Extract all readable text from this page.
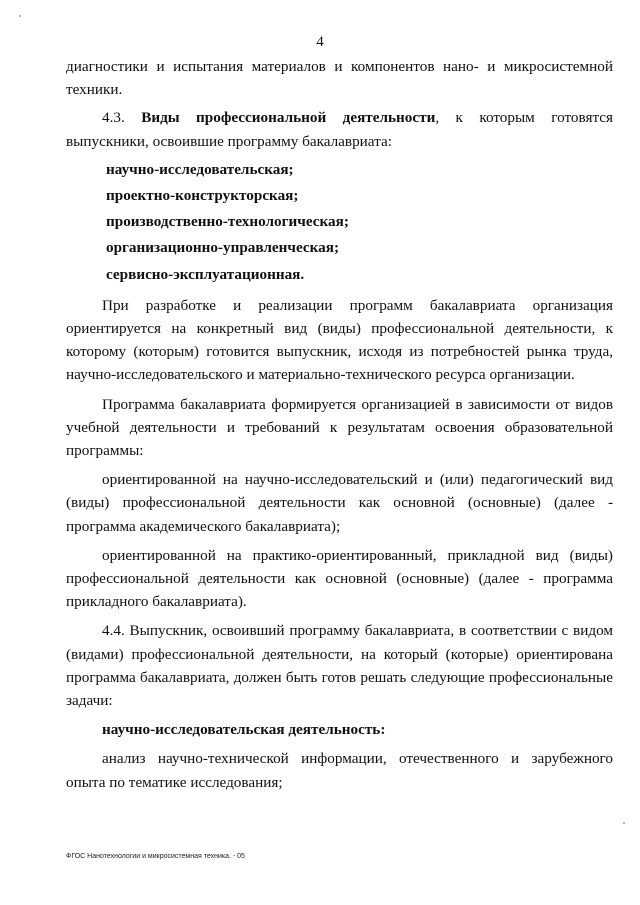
4

диагностики и испытания материалов и компонентов нано- и микросистемной техники.

4.3. Виды профессиональной деятельности, к которым готовятся выпускники, освоившие программу бакалавриата:

научно-исследовательская;

проектно-конструкторская;

производственно-технологическая;

организационно-управленческая;

сервисно-эксплуатационная.

При разработке и реализации программ бакалавриата организация ориентируется на конкретный вид (виды) профессиональной деятельности, к которому (которым) готовится выпускник, исходя из потребностей рынка труда, научно-исследовательского и материально-технического ресурса организации.

Программа бакалавриата формируется организацией в зависимости от видов учебной деятельности и требований к результатам освоения образовательной программы:

ориентированной на научно-исследовательский и (или) педагогический вид (виды) профессиональной деятельности как основной (основные) (далее - программа академического бакалавриата);

ориентированной на практико-ориентированный, прикладной вид (виды) профессиональной деятельности как основной (основные) (далее - программа прикладного бакалавриата).

4.4. Выпускник, освоивший программу бакалавриата, в соответствии с видом (видами) профессиональной деятельности, на который (которые) ориентирована программа бакалавриата, должен быть готов решать следующие профессиональные задачи:

научно-исследовательская деятельность:

анализ научно-технической информации, отечественного и зарубежного опыта по тематике исследования;

ФГОС Нанотехнологии и микросистемная техника. - 05
